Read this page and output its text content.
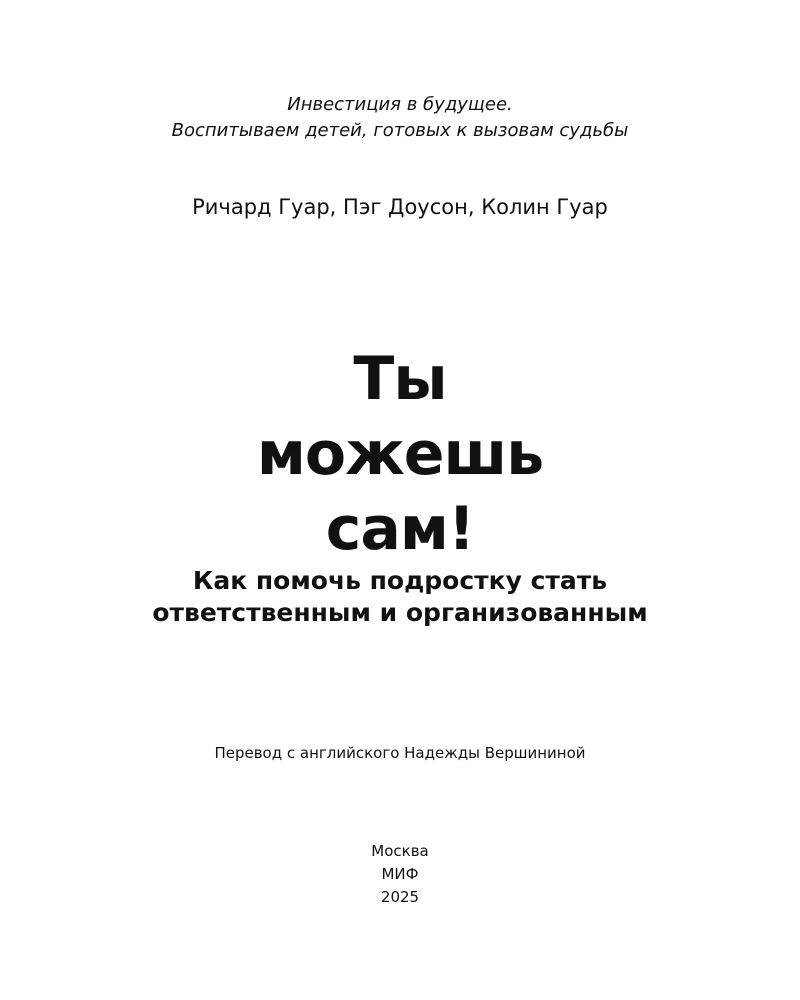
Инвестиция в будущее.

Воспитываем детей, готовых к вызовам судьбы

Ричард Гуар, Пэг Доусон, Колин Гуар

Ты
можешь
сам!
Как помочь подростку стать
ответственным и организованным

Перевод с английского Надежды Вершининой

Москва

МИФ

2025
